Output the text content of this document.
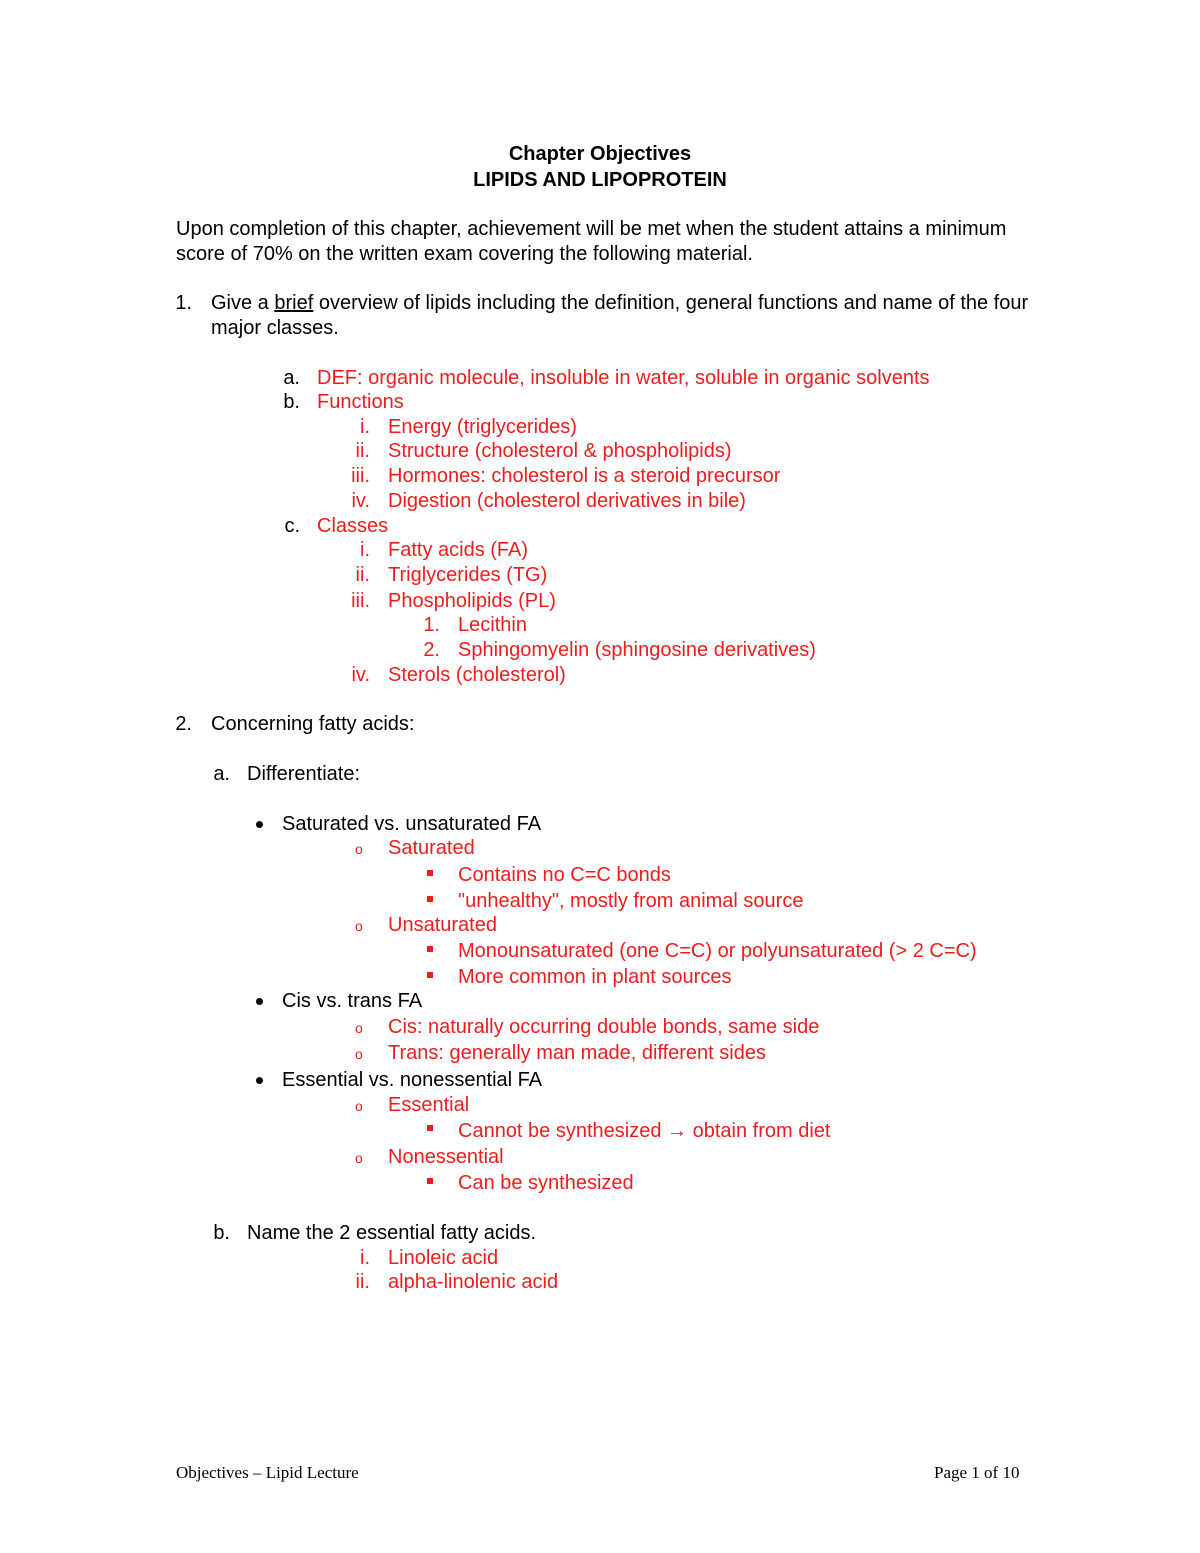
Chapter Objectives
LIPIDS AND LIPOPROTEIN

Upon completion of this chapter, achievement will be met when the student attains a minimum score of 70% on the written exam covering the following material.

1. Give a brief overview of lipids including the definition, general functions and name of the four major classes.

a. DEF: organic molecule, insoluble in water, soluble in organic solvents
b. Functions
i. Energy (triglycerides)
ii. Structure (cholesterol & phospholipids)
iii. Hormones: cholesterol is a steroid precursor
iv. Digestion (cholesterol derivatives in bile)
c. Classes
i. Fatty acids (FA)
ii. Triglycerides (TG)
iii. Phospholipids (PL)
1. Lecithin
2. Sphingomyelin (sphingosine derivatives)
iv. Sterols (cholesterol)
2. Concerning fatty acids:
a. Differentiate:
Saturated vs. unsaturated FA
o Saturated
Contains no C=C bonds
"unhealthy", mostly from animal source
o Unsaturated
Monounsaturated (one C=C) or polyunsaturated (> 2 C=C)
More common in plant sources
Cis vs. trans FA
o Cis: naturally occurring double bonds, same side
o Trans: generally man made, different sides
Essential vs. nonessential FA
o Essential
Cannot be synthesized → obtain from diet
o Nonessential
Can be synthesized
b. Name the 2 essential fatty acids.
i. Linoleic acid
ii. alpha-linolenic acid
Objectives – Lipid Lecture	Page 1 of 10
